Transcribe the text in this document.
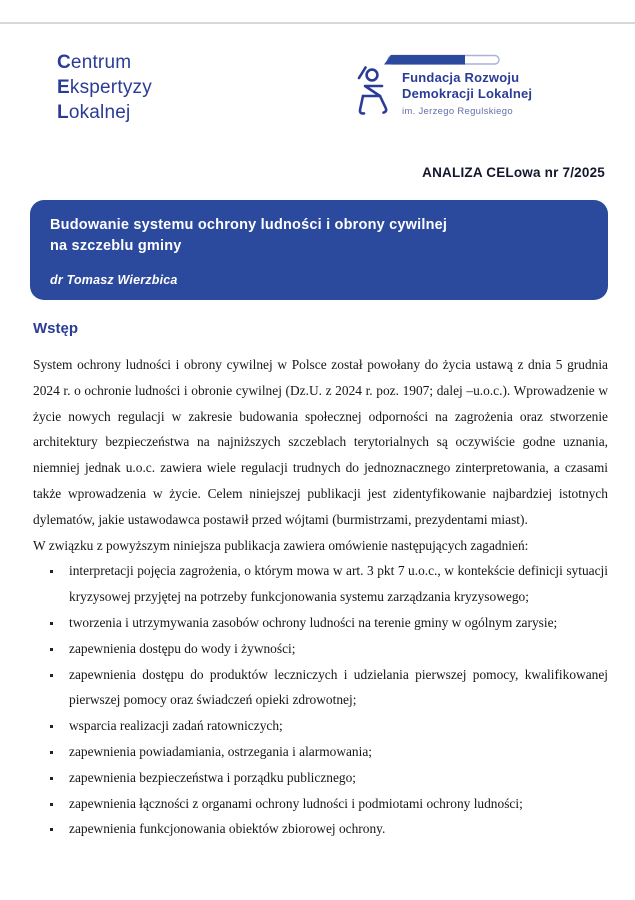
Centrum
Ekspertyzy
Lokalnej
Fundacja Rozwoju
Demokracji Lokalnej
im. Jerzego Regulskiego
ANALIZA CELowa nr 7/2025
Budowanie systemu ochrony ludności i obrony cywilnej
na szczeblu gminy
dr Tomasz Wierzbica
Wstęp

System ochrony ludności i obrony cywilnej w Polsce został powołany do życia ustawą z dnia 5 grudnia 2024 r. o ochronie ludności i obronie cywilnej (Dz.U. z 2024 r. poz. 1907; dalej –u.o.c.). Wprowadzenie w życie nowych regulacji w zakresie budowania społecznej odporności na zagrożenia oraz stworzenie architektury bezpieczeństwa na najniższych szczeblach terytorialnych są oczywiście godne uznania, niemniej jednak u.o.c. zawiera wiele regulacji trudnych do jednoznacznego zinterpretowania, a czasami także wprowadzenia w życie. Celem niniejszej publikacji jest zidentyfikowanie najbardziej istotnych dylematów, jakie ustawodawca postawił przed wójtami (burmistrzami, prezydentami miast).

W związku z powyższym niniejsza publikacja zawiera omówienie następujących zagadnień:

▪ interpretacji pojęcia zagrożenia, o którym mowa w art. 3 pkt 7 u.o.c., w kontekście definicji sytuacji kryzysowej przyjętej na potrzeby funkcjonowania systemu zarządzania kryzysowego;
▪ tworzenia i utrzymywania zasobów ochrony ludności na terenie gminy w ogólnym zarysie;
▪ zapewnienia dostępu do wody i żywności;
▪ zapewnienia dostępu do produktów leczniczych i udzielania pierwszej pomocy, kwalifikowanej pierwszej pomocy oraz świadczeń opieki zdrowotnej;
▪ wsparcia realizacji zadań ratowniczych;
▪ zapewnienia powiadamiania, ostrzegania i alarmowania;
▪ zapewnienia bezpieczeństwa i porządku publicznego;
▪ zapewnienia łączności z organami ochrony ludności i podmiotami ochrony ludności;
▪ zapewnienia funkcjonowania obiektów zbiorowej ochrony.
